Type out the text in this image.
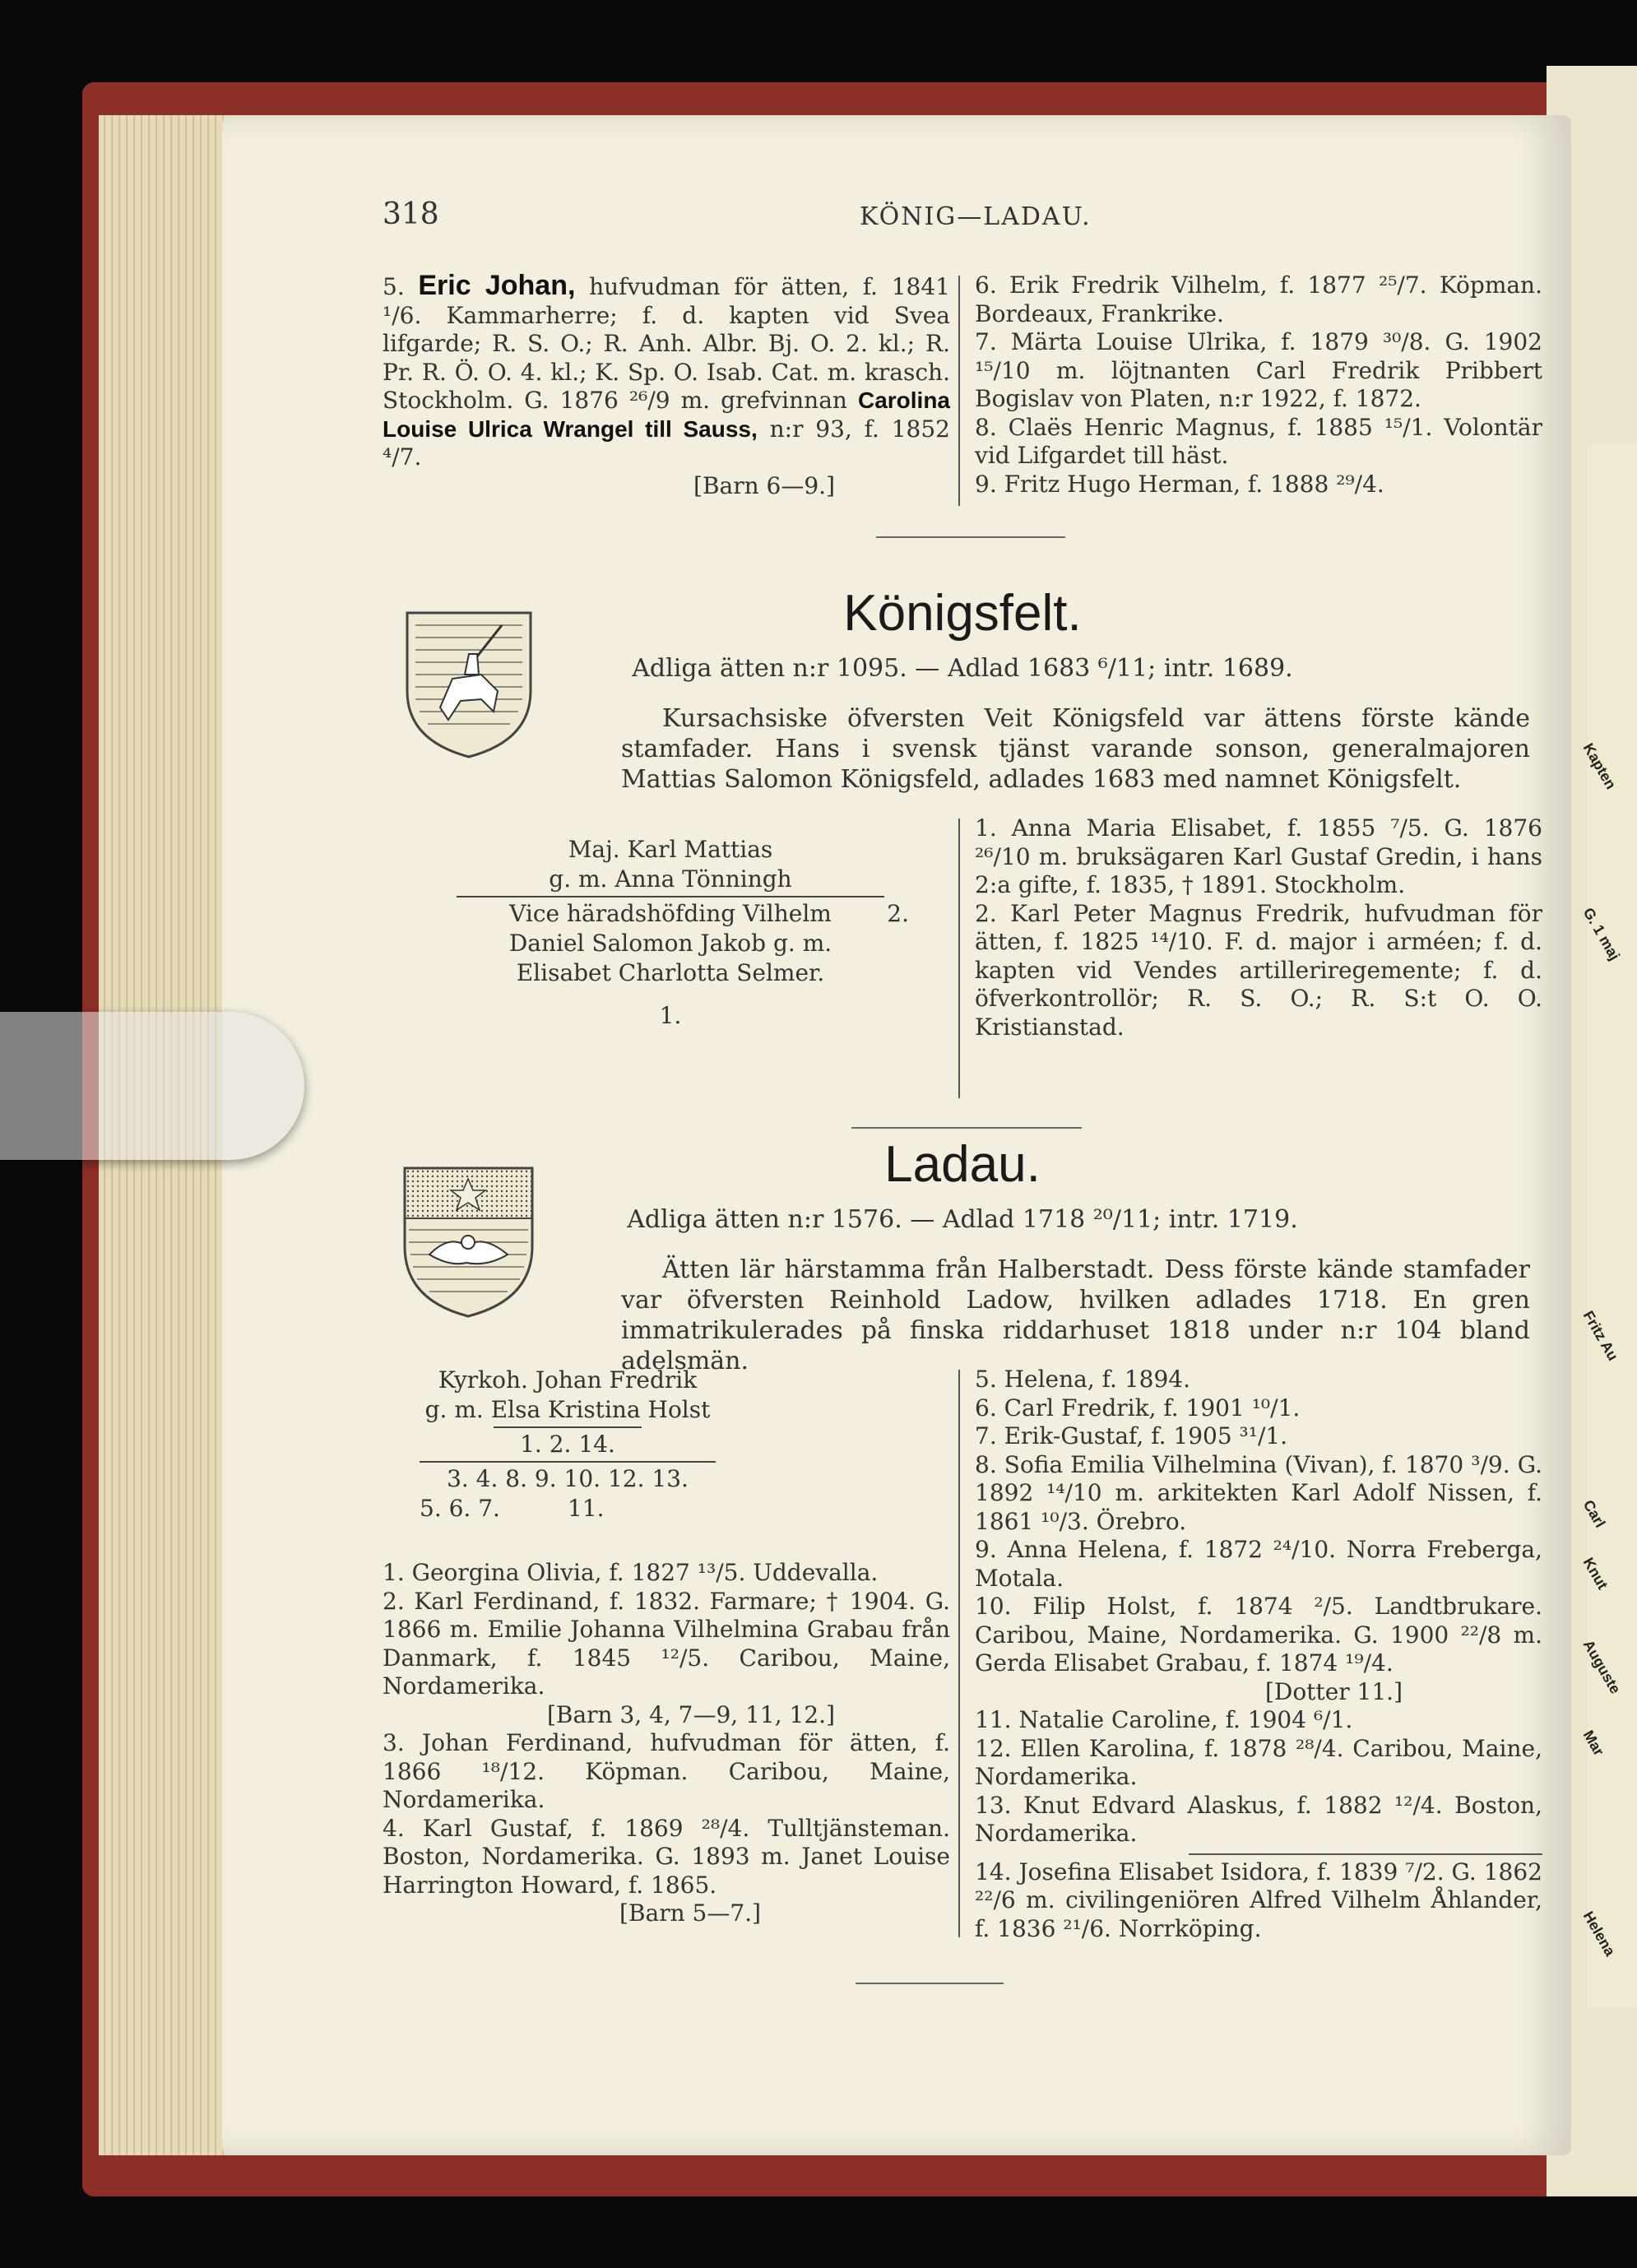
Fritz Au
Knut
Mar
Kapten
G. 1 maj
Carl
Helena
Auguste
318	KÖNIG—LADAU.

5. Eric Johan, hufvudman för ätten, f. 1841 ¹/6. Kammarherre; f. d. kapten vid Svea lifgarde; R. S. O.; R. Anh. Albr. Bj. O. 2. kl.; R. Pr. R. Ö. O. 4. kl.; K. Sp. O. Isab. Cat. m. krasch. Stockholm. G. 1876 ²⁶/9 m. grefvinnan Carolina Louise Ulrica Wrangel till Sauss, n:r 93, f. 1852 ⁴/7.

[Barn 6—9.]

6. Erik Fredrik Vilhelm, f. 1877 ²⁵/7. Köpman. Bordeaux, Frankrike.

7. Märta Louise Ulrika, f. 1879 ³⁰/8. G. 1902 ¹⁵/10 m. löjtnanten Carl Fredrik Pribbert Bogislav von Platen, n:r 1922, f. 1872.

8. Claës Henric Magnus, f. 1885 ¹⁵/1. Volontär vid Lifgardet till häst.

9. Fritz Hugo Herman, f. 1888 ²⁹/4.

Königsfelt.
Adliga ätten n:r 1095. — Adlad 1683 ⁶/11; intr. 1689.
Kursachsiske öfversten Veit Königsfeld var ättens förste kände stamfader. Hans i svensk tjänst varande sonson, generalmajoren Mattias Salomon Königsfeld, adlades 1683 med namnet Königsfelt.
Maj. Karl Mattias
g. m. Anna Tönningh
Vice häradshöfding Vilhelm 2.
Daniel Salomon Jakob g. m.
Elisabet Charlotta Selmer.
1.

1. Anna Maria Elisabet, f. 1855 ⁷/5. G. 1876 ²⁶/10 m. bruksägaren Karl Gustaf Gredin, i hans 2:a gifte, f. 1835, † 1891. Stockholm.

2. Karl Peter Magnus Fredrik, hufvudman för ätten, f. 1825 ¹⁴/10. F. d. major i arméen; f. d. kapten vid Vendes artilleriregemente; f. d. öfverkontrollör; R. S. O.; R. S:t O. O. Kristianstad.

Ladau.
Adliga ätten n:r 1576. — Adlad 1718 ²⁰/11; intr. 1719.
Ätten lär härstamma från Halberstadt. Dess förste kände stamfader var öfversten Reinhold Ladow, hvilken adlades 1718. En gren immatrikulerades på finska riddarhuset 1818 under n:r 104 bland adelsmän.
Kyrkoh. Johan Fredrik
g. m. Elsa Kristina Holst
1. 2. 14.
3. 4. 8. 9. 10. 12. 13.
5. 6. 7.	11.

1. Georgina Olivia, f. 1827 ¹³/5. Uddevalla.

2. Karl Ferdinand, f. 1832. Farmare; † 1904. G. 1866 m. Emilie Johanna Vilhelmina Grabau från Danmark, f. 1845 ¹²/5. Caribou, Maine, Nordamerika.

[Barn 3, 4, 7—9, 11, 12.]

3. Johan Ferdinand, hufvudman för ätten, f. 1866 ¹⁸/12. Köpman. Caribou, Maine, Nordamerika.

4. Karl Gustaf, f. 1869 ²⁸/4. Tulltjänsteman. Boston, Nordamerika. G. 1893 m. Janet Louise Harrington Howard, f. 1865.

[Barn 5—7.]

5. Helena, f. 1894.

6. Carl Fredrik, f. 1901 ¹⁰/1.

7. Erik-Gustaf, f. 1905 ³¹/1.

8. Sofia Emilia Vilhelmina (Vivan), f. 1870 ³/9. G. 1892 ¹⁴/10 m. arkitekten Karl Adolf Nissen, f. 1861 ¹⁰/3. Örebro.

9. Anna Helena, f. 1872 ²⁴/10. Norra Freberga, Motala.

10. Filip Holst, f. 1874 ²/5. Landtbrukare. Caribou, Maine, Nordamerika. G. 1900 ²²/8 m. Gerda Elisabet Grabau, f. 1874 ¹⁹/4.

[Dotter 11.]

11. Natalie Caroline, f. 1904 ⁶/1.

12. Ellen Karolina, f. 1878 ²⁸/4. Caribou, Maine, Nordamerika.

13. Knut Edvard Alaskus, f. 1882 ¹²/4. Boston, Nordamerika.

14. Josefina Elisabet Isidora, f. 1839 ⁷/2. G. 1862 ²²/6 m. civilingeniören Alfred Vilhelm Åhlander, f. 1836 ²¹/6. Norrköping.
